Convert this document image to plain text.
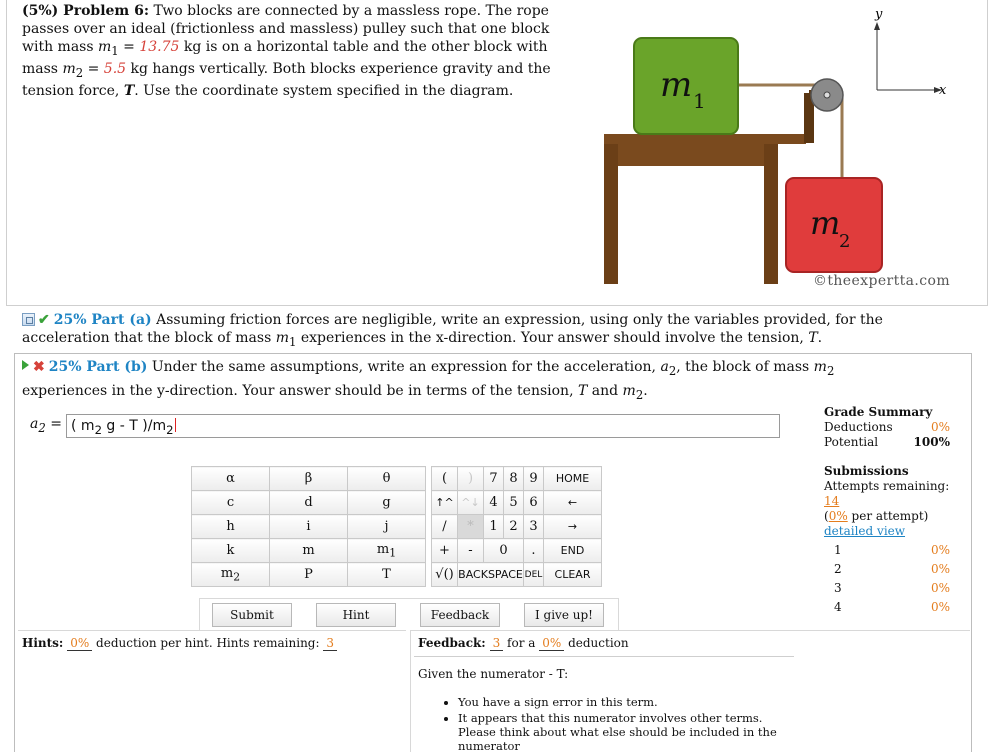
(5%) Problem 6: Two blocks are connected by a massless rope. The rope passes over an ideal (frictionless and massless) pulley such that one block with mass $m_1 = 13.75$ kg is on a horizontal table and the other block with mass $m_2 = 5.5$ kg hangs vertically. Both blocks experience gravity and the tension force, T. Use the coordinate system specified in the diagram.
y
x
m 1
m
2
©theexpertta.com
✔ 25% Part (a) Assuming friction forces are negligible, write an expression, using only the variables provided, for the acceleration that the block of mass $m_1$ experiences in the x-direction. Your answer should involve the tension, T.
✖ 25% Part (b) Under the same assumptions, write an expression for the acceleration, $a_2$, the block of mass $m_2$ experiences in the y-direction. Your answer should be in terms of the tension, T and $m_2$.
$a_2$ = ( $m_2$ g - T )$/m_2$
Grade Summary
Deductions	0%
Potential	100%
Submissions
Attempts remaining: 14
(0% per attempt)
detailed view
1	0%
2	0%
3	0%
4	0%
α	β	θ		(	)	7	8	9	HOME
c	d	g		↑^	^↓	4	5	6	←
h	i	j		/	*	1	2	3	→
k	m	$m_1$		+	-	0		.	END
$m_2$	P	T		√()	BACKSPACE			DEL	CLEAR
Submit	Hint	Feedback	I give up!
Hints: 0% deduction per hint. Hints remaining: 3	Feedback: 3 for a 0% deduction
Given the numerator - T:
• You have a sign error in this term.
• It appears that this numerator involves other terms. Please think about what else should be included in the numerator
